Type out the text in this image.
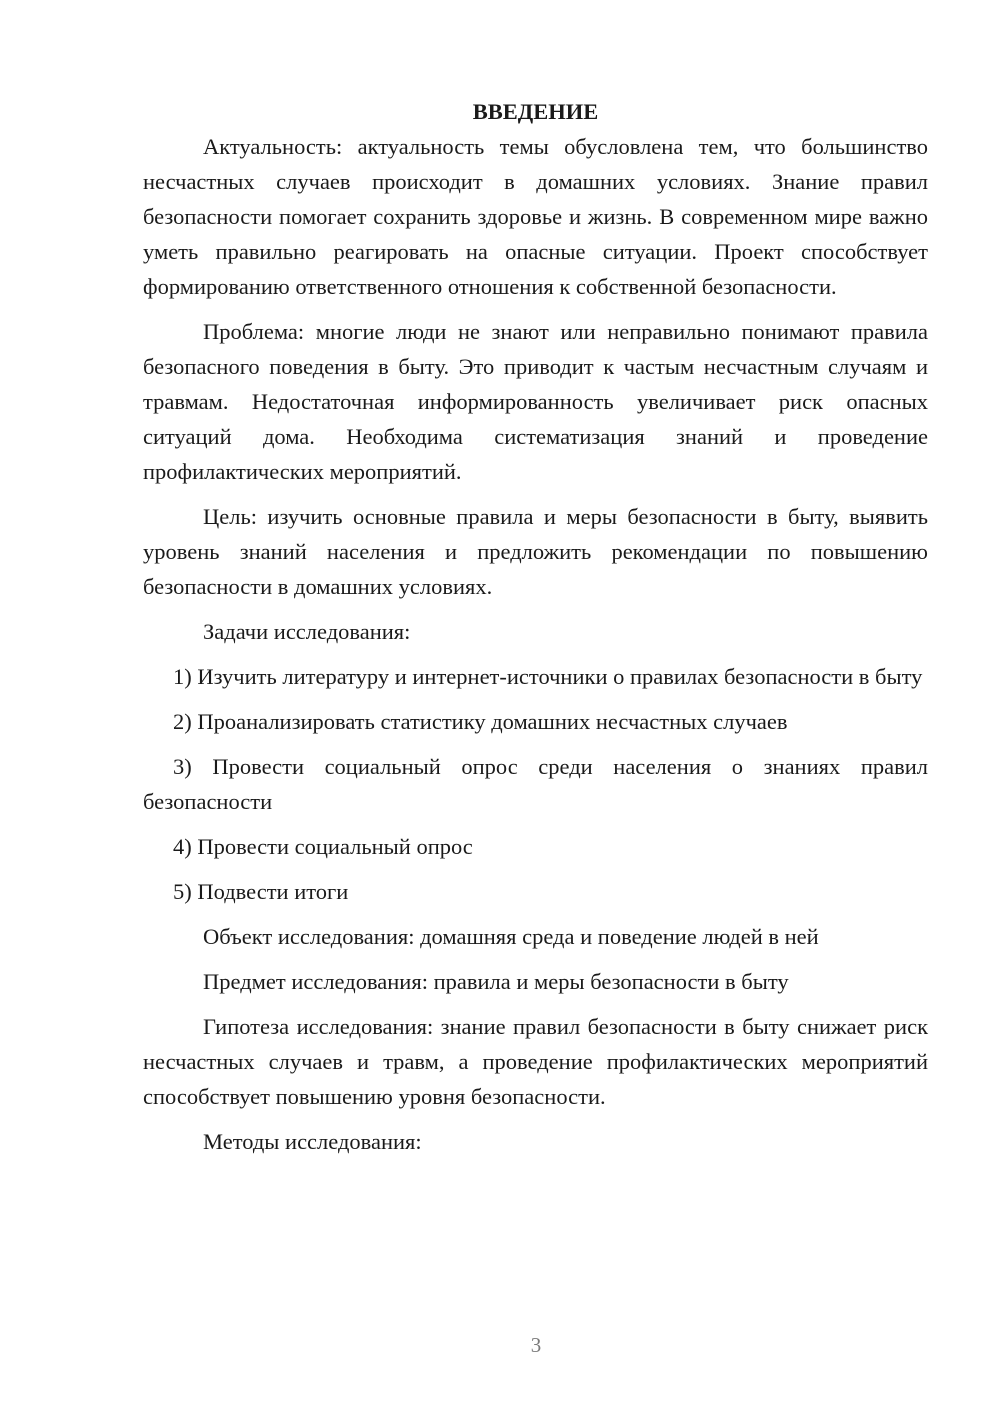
ВВЕДЕНИЕ

Актуальность: актуальность темы обусловлена тем, что большинство несчастных случаев происходит в домашних условиях. Знание правил безопасности помогает сохранить здоровье и жизнь. В современном мире важно уметь правильно реагировать на опасные ситуации. Проект способствует формированию ответственного отношения к собственной безопасности.

Проблема: многие люди не знают или неправильно понимают правила безопасного поведения в быту. Это приводит к частым несчастным случаям и травмам. Недостаточная информированность увеличивает риск опасных ситуаций дома. Необходима систематизация знаний и проведение профилактических мероприятий.

Цель: изучить основные правила и меры безопасности в быту, выявить уровень знаний населения и предложить рекомендации по повышению безопасности в домашних условиях.

Задачи исследования:

1) Изучить литературу и интернет-источники о правилах безопасности в быту

2) Проанализировать статистику домашних несчастных случаев

3) Провести социальный опрос среди населения о знаниях правил безопасности

4) Провести социальный опрос

5) Подвести итоги

Объект исследования: домашняя среда и поведение людей в ней

Предмет исследования: правила и меры безопасности в быту

Гипотеза исследования: знание правил безопасности в быту снижает риск несчастных случаев и травм, а проведение профилактических мероприятий способствует повышению уровня безопасности.

Методы исследования:

3
